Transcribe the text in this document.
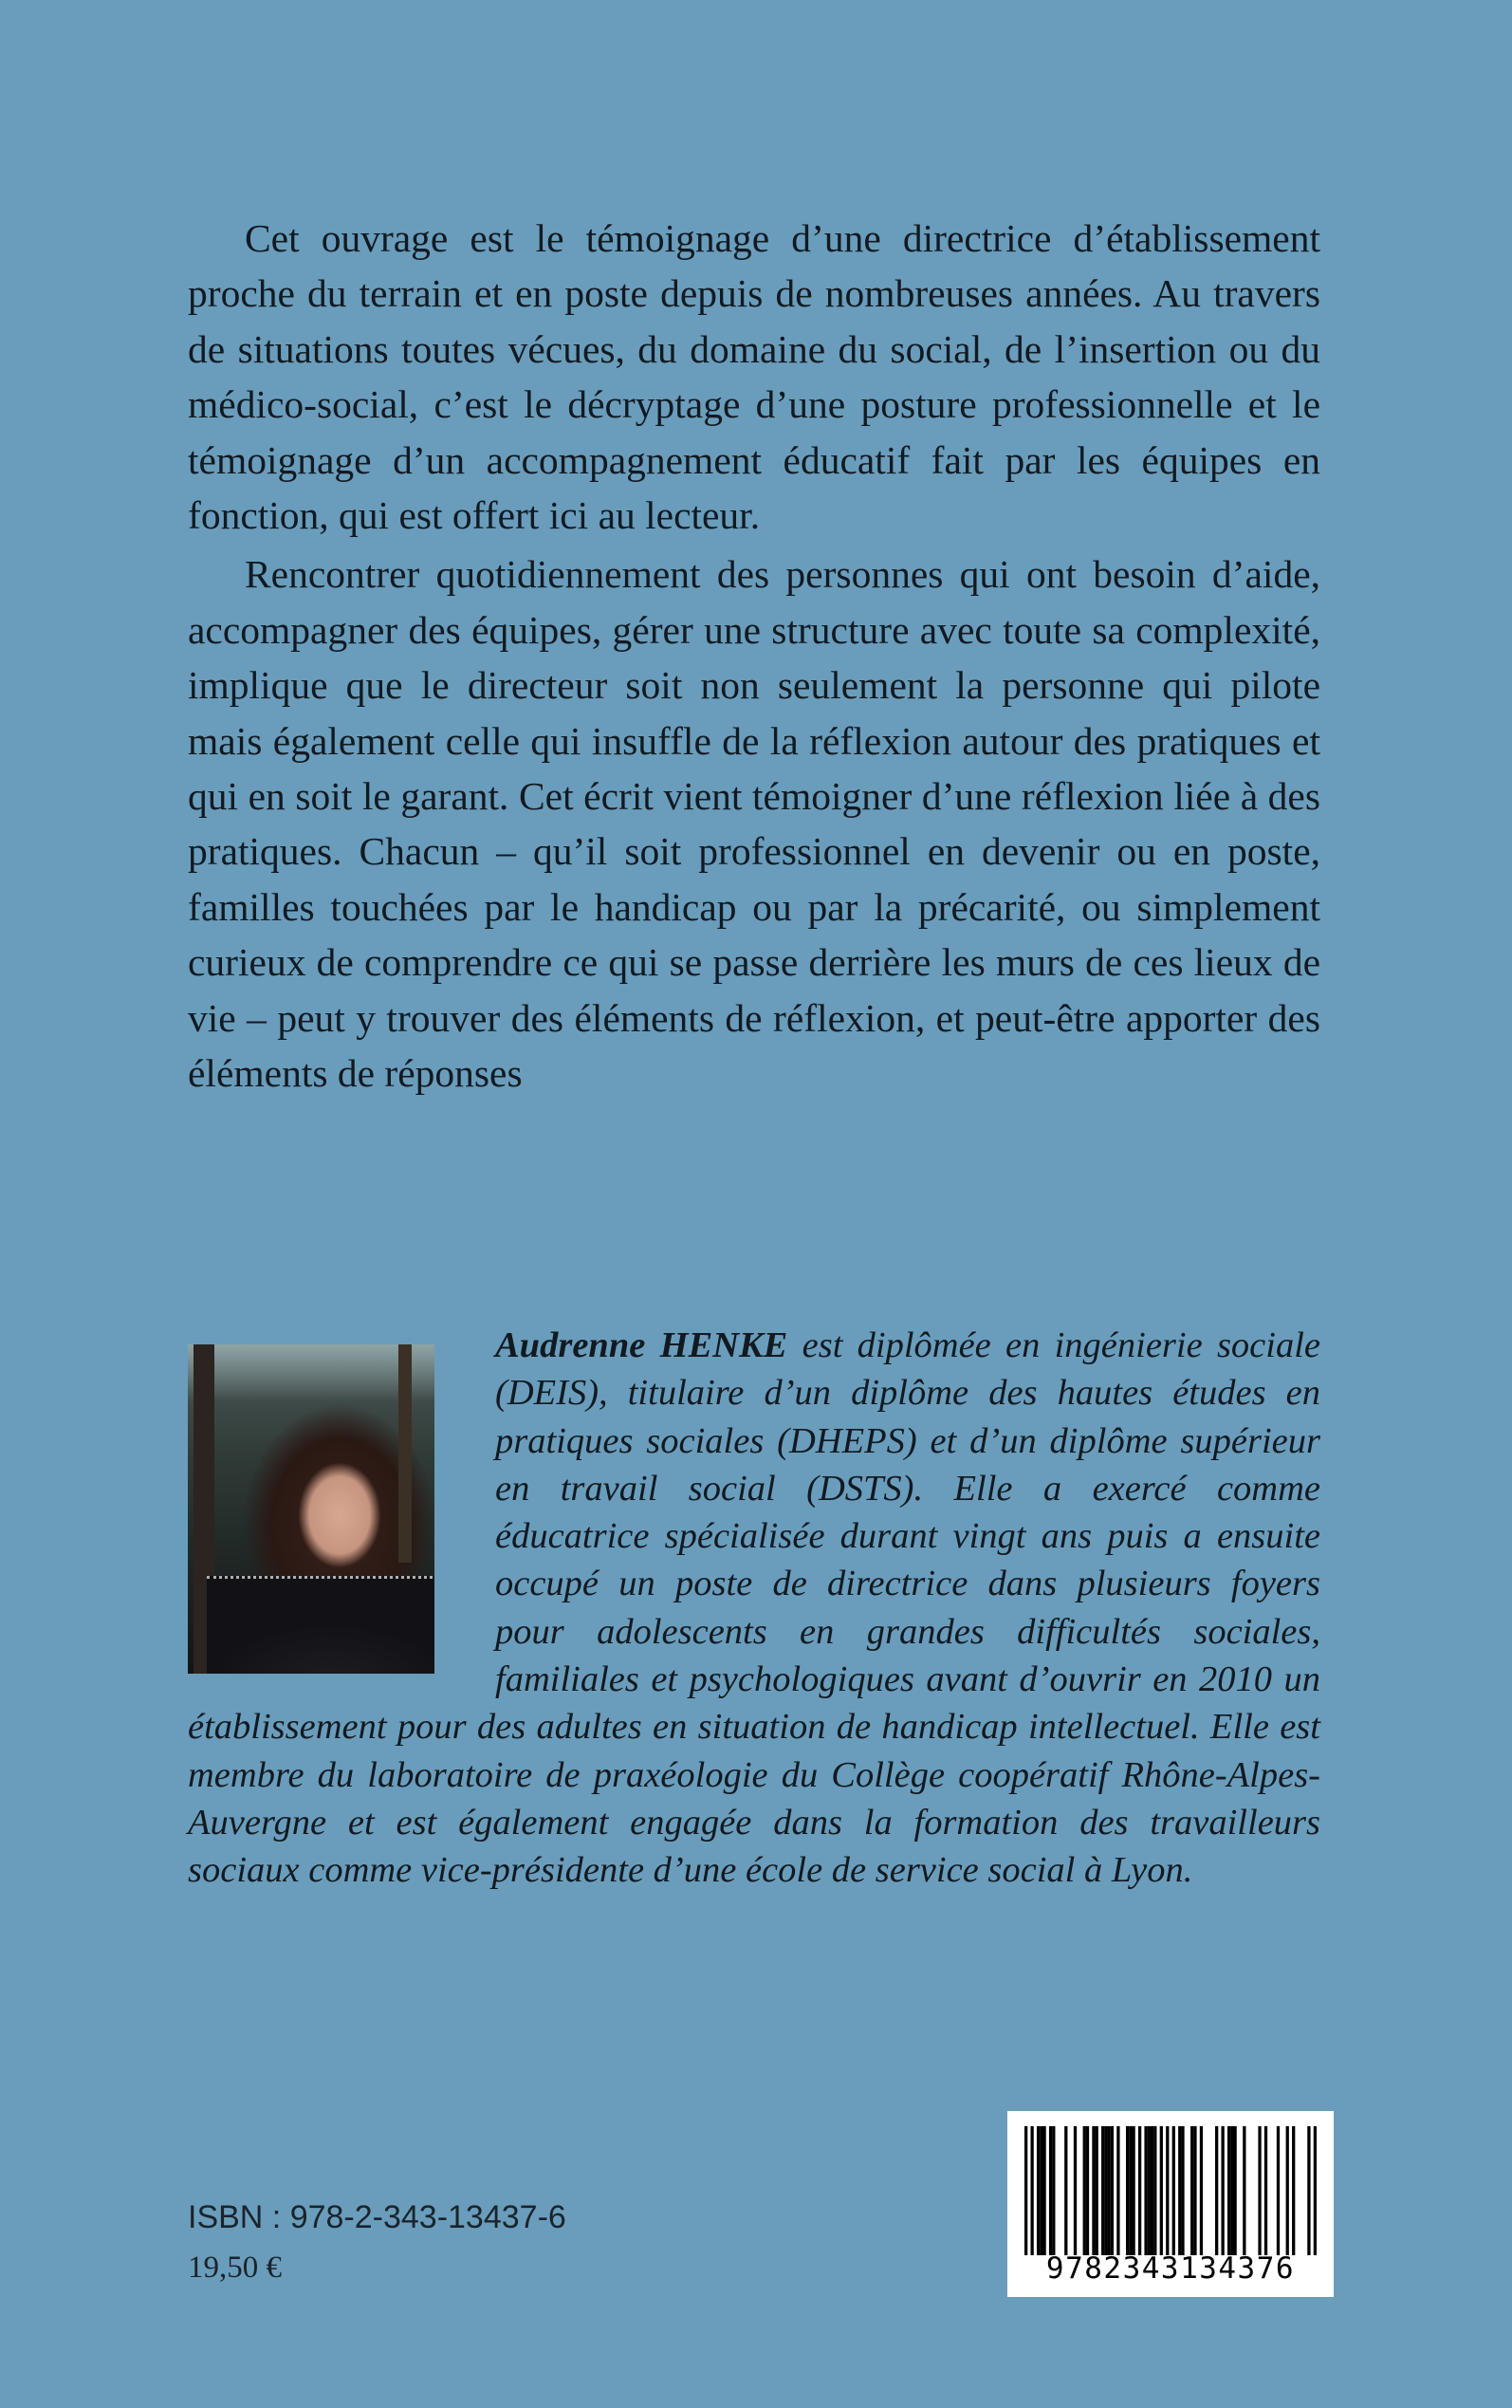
Cet ouvrage est le témoignage d’une directrice d’établissement proche du terrain et en poste depuis de nombreuses années. Au travers de situations toutes vécues, du domaine du social, de l’insertion ou du médico-social, c’est le décryptage d’une posture professionnelle et le témoignage d’un accompagnement éducatif fait par les équipes en fonction, qui est offert ici au lecteur.

Rencontrer quotidiennement des personnes qui ont besoin d’aide, accompagner des équipes, gérer une structure avec toute sa complexité, implique que le directeur soit non seulement la personne qui pilote mais également celle qui insuffle de la réflexion autour des pratiques et qui en soit le garant. Cet écrit vient témoigner d’une réflexion liée à des pratiques. Chacun – qu’il soit professionnel en devenir ou en poste, familles touchées par le handicap ou par la précarité, ou simplement curieux de comprendre ce qui se passe derrière les murs de ces lieux de vie – peut y trouver des éléments de réflexion, et peut-être apporter des éléments de réponses

Audrenne HENKE est diplômée en ingénierie sociale (DEIS), titulaire d’un diplôme des hautes études en pratiques sociales (DHEPS) et d’un diplôme supérieur en travail social (DSTS). Elle a exercé comme éducatrice spécialisée durant vingt ans puis a ensuite occupé un poste de directrice dans plusieurs foyers pour adolescents en grandes difficultés sociales, familiales et psychologiques avant d’ouvrir en 2010 un établissement pour des adultes en situation de handicap intellectuel. Elle est membre du laboratoire de praxéologie du Collège coopératif Rhône-Alpes-Auvergne et est également engagée dans la formation des travailleurs sociaux comme vice-présidente d’une école de service social à Lyon.
ISBN : 978-2-343-13437-6
19,50 €	9782343134376
